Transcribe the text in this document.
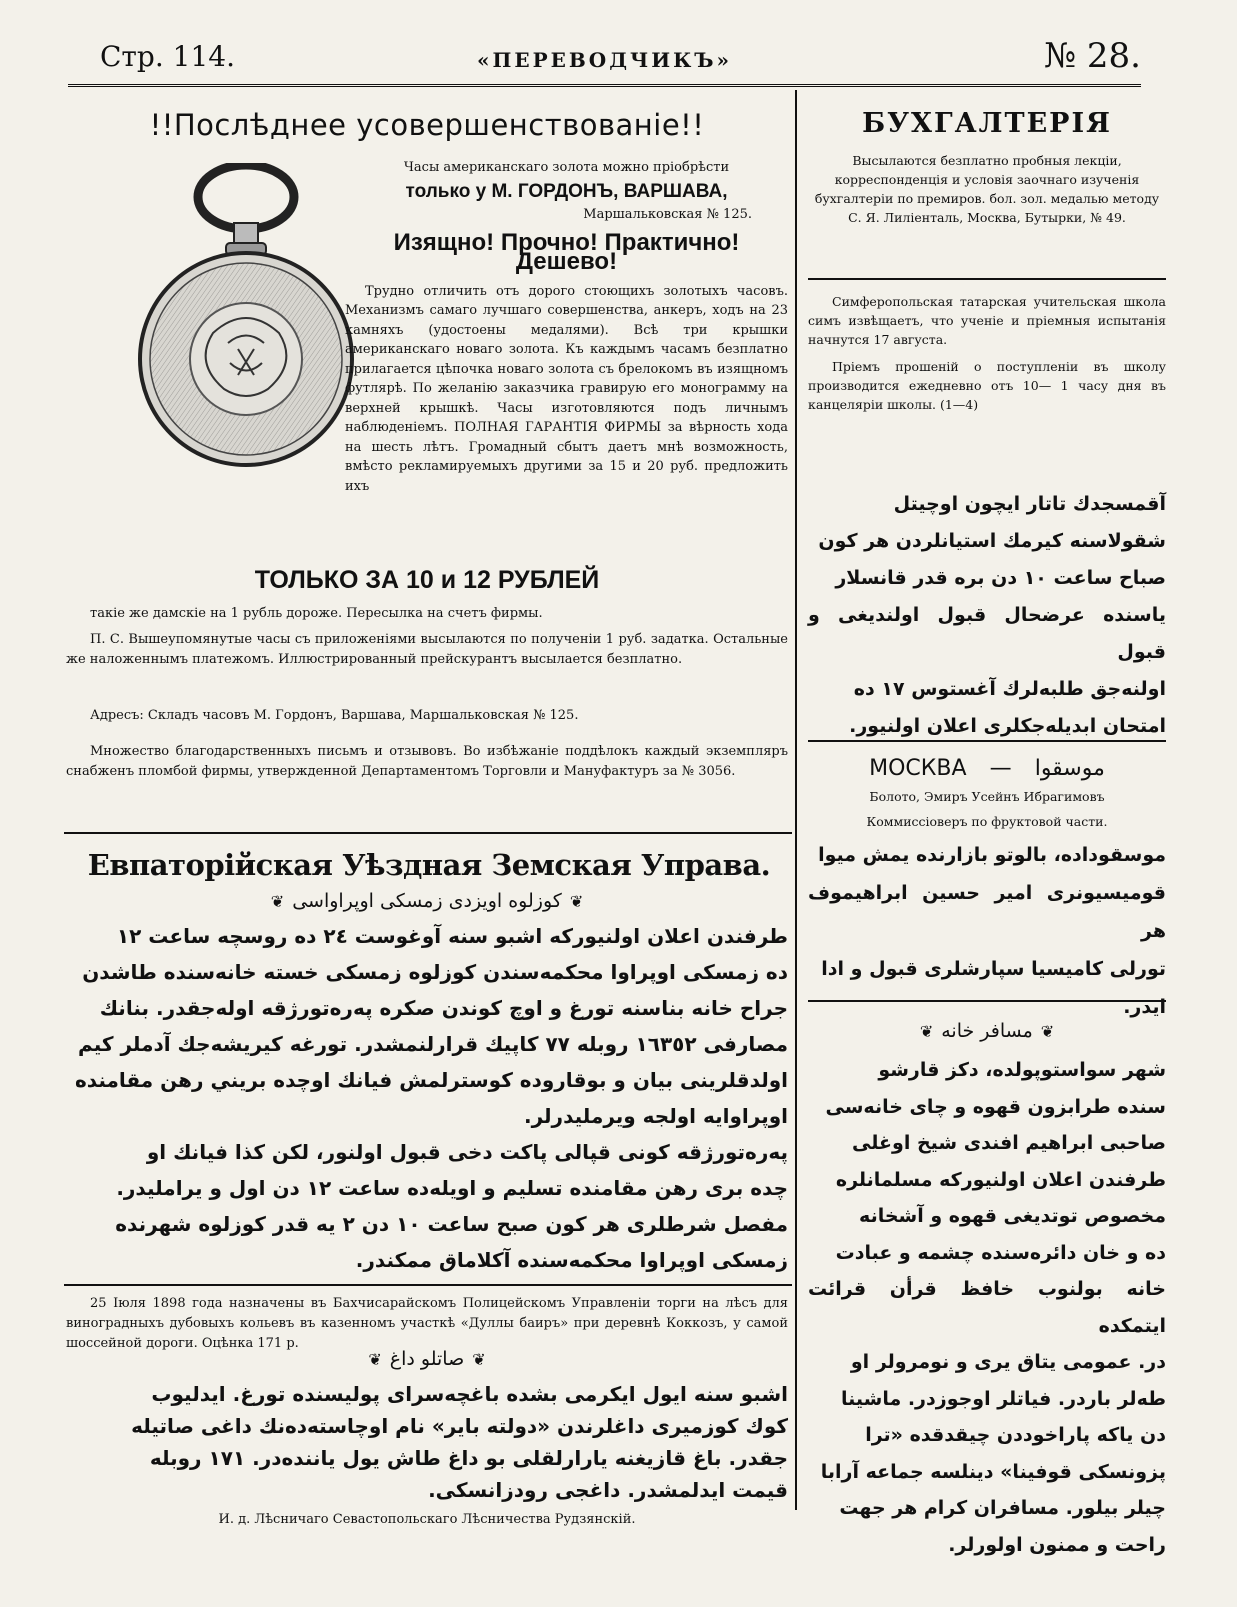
Стр. 114.	«ПЕРЕВОДЧИКЪ»	№ 28.
!!Послѣднее усовершенствованіе!!
Часы американскаго золота можно пріобрѣсти
только у М. ГОРДОНЪ, ВАРШАВА,
Маршальковская № 125.
Изящно! Прочно! Практично! Дешево!
Трудно отличить отъ дорого стоющихъ золотыхъ часовъ. Механизмъ самаго лучшаго совершенства, анкеръ, ходъ на 23 камняхъ (удостоены медалями). Всѣ три крышки американскаго новаго золота. Къ каждымъ часамъ безплатно прилагается цѣпочка новаго золота съ брелокомъ въ изящномъ футлярѣ. По желанію заказчика гравирую его монограмму на верхней крышкѣ. Часы изготовляются подъ личнымъ наблюденіемъ. ПОЛНАЯ ГАРАНТІЯ ФИРМЫ за вѣрность хода на шесть лѣтъ. Громадный сбытъ даетъ мнѣ возможность, вмѣсто рекламируемыхъ другими за 15 и 20 руб. предложить ихъ
ТОЛЬКО ЗА 10 и 12 РУБЛЕЙ
такіе же дамскіе на 1 рубль дороже. Пересылка на счетъ фирмы.
П. С. Вышеупомянутые часы съ приложеніями высылаются по полученіи 1 руб. задатка. Остальные же наложеннымъ платежомъ. Иллюстрированный прейскурантъ высылается безплатно.
Адресъ: Складъ часовъ М. Гордонъ, Варшава, Маршальковская № 125.
Множество благодарственныхъ письмъ и отзывовъ. Во избѣжаніе поддѣлокъ каждый экземпляръ снабженъ пломбой фирмы, утвержденной Департаментомъ Торговли и Мануфактуръ за № 3056.
Евпаторійская Уѣздная Земская Управа.
❦كوزلوه اويزدى زمسكى اوپراواسى❦
طرفندن اعلان اولنيوركه اشبو سنه آوغوست ٢٤ ده روسچه ساعت ١٢
ده زمسكى اوپراوا محكمه‌سندن كوزلوه زمسكى خسته خانه‌سنده طاشدن
جراح خانه بناسنه تورغ و اوچ كوندن صكره په‌ره‌تورژقه اوله‌جقدر. بنانك
مصارفى ١٦٣٥٢ روبله ٧٧ كاپيك قرارلنمشدر. تورغه كيريشه‌جك آدملر كيم
اولدقلرينى بيان و بوقاروده كوسترلمش فيانك اوچده بريني رهن مقامنده
اوپراوايه اولجه ويرمليدرلر.
په‌ره‌تورژقه كونى قپالى پاكت دخى قبول اولنور، لكن كذا فيانك او
چده برى رهن مقامنده تسليم و اويله‌ده ساعت ١٢ دن اول و يراملیدر.
مفصل شرطلرى هر كون صبح ساعت ١٠ دن ٢ يه قدر كوزلوه شهرنده
زمسكى اوپراوا محكمه‌سنده آكلاماق ممكندر.
25 Іюля 1898 года назначены въ Бахчисарайскомъ Полицейскомъ Управленіи торги на лѣсъ для виноградныхъ дубовыхъ кольевъ въ казенномъ участкѣ «Дуллы баиръ» при деревнѣ Коккозъ, у самой шоссейной дороги. Оцѣнка 171 р.
❦صاتلو داغ❦
اشبو سنه ايول ايكرمى بشده باغچه‌سراى پوليسنده تورغ. ايدليوب
كوك كوزميرى داغلرندن «دولته باير» نام اوچاسته‌ده‌نك داغى صاتيله
جقدر. باغ قازيغنه يارارلقلى بو داغ طاش يول يانندەدر. ١٧١ روبله
قيمت ايدلمشدر. داغجى رودزانسكى.
И. д. Лѣсничаго Севастопольскаго Лѣсничества Рудзянскій.
БУХГАЛТЕРІЯ
Высылаются безплатно пробныя лекціи, корреспонденція и условія заочнаго изученія бухгалтеріи по премиров. бол. зол. медалью методу С. Я. Лилiенталь, Москва, Бутырки, № 49.
Симферопольская татарская учительская школа симъ извѣщаетъ, что ученіе и пріемныя испытанія начнутся 17 августа.
Пріемъ прошеній о поступленіи въ школу производится ежедневно отъ 10— 1 часу дня въ канцеляріи школы. (1—4)
آقمسجدك تاتار ايچون اوچيتل
شقولاسنه كيرمك استيانلردن هر كون
صباح ساعت ١٠ دن بره قدر قانسلار
ياسنده عرضحال قبول اولنديغى و قبول
اولنه‌جق طلبه‌لرك آغستوس ١٧ ده
امتحان ابديله‌جكلرى اعلان اولنيور.
МОСКВА — موسقوا
Болото, Эмиръ Усейнъ Ибрагимовъ
Коммиссіоверъ по фруктовой части.
موسقوداده، بالوتو بازارنده يمش ميوا
قوميسيونرى امير حسين ابراهيموف هر
تورلى كاميسيا سپارشلرى قبول و ادا
ايدر.
❦مسافر خانه❦
شهر سواستوپولده، دكز قارشو
سنده طرابزون قهوه و چاى خانه‌سى
صاحبى ابراهيم افندى شيخ اوغلى
طرفندن اعلان اولنيوركه مسلمانلره
مخصوص توتديغى قهوه و آشخانه
ده و خان دائره‌سنده چشمه و عبادت
خانه بولنوب خافظ قرأن قرائت ايتمكده
در. عمومى يتاق يرى و نومرولر او
طه‌لر باردر. فياتلر اوجوزدر. ماشينا
دن ياكه پاراخوددن چيقدقده «ترا
پزونسكى قوفينا» دينلسه جماعه آرابا
چيلر بيلور. مسافران كرام هر جهت
راحت و ممنون اولورلر.
